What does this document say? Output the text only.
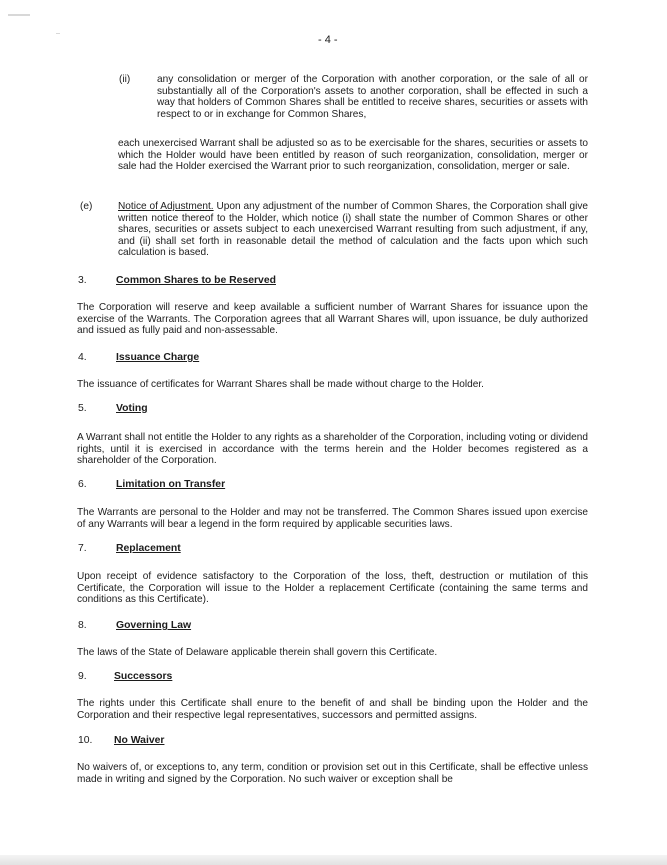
- 4 -
(ii)	any consolidation or merger of the Corporation with another corporation, or the sale of all or substantially all of the Corporation's assets to another corporation, shall be effected in such a way that holders of Common Shares shall be entitled to receive shares, securities or assets with respect to or in exchange for Common Shares,
each unexercised Warrant shall be adjusted so as to be exercisable for the shares, securities or assets to which the Holder would have been entitled by reason of such reorganization, consolidation, merger or sale had the Holder exercised the Warrant prior to such reorganization, consolidation, merger or sale.
(e)	Notice of Adjustment. Upon any adjustment of the number of Common Shares, the Corporation shall give written notice thereof to the Holder, which notice (i) shall state the number of Common Shares or other shares, securities or assets subject to each unexercised Warrant resulting from such adjustment, if any, and (ii) shall set forth in reasonable detail the method of calculation and the facts upon which such calculation is based.
3.	Common Shares to be Reserved
The Corporation will reserve and keep available a sufficient number of Warrant Shares for issuance upon the exercise of the Warrants. The Corporation agrees that all Warrant Shares will, upon issuance, be duly authorized and issued as fully paid and non-assessable.
4.	Issuance Charge
The issuance of certificates for Warrant Shares shall be made without charge to the Holder.
5.	Voting
A Warrant shall not entitle the Holder to any rights as a shareholder of the Corporation, including voting or dividend rights, until it is exercised in accordance with the terms herein and the Holder becomes registered as a shareholder of the Corporation.
6.	Limitation on Transfer
The Warrants are personal to the Holder and may not be transferred. The Common Shares issued upon exercise of any Warrants will bear a legend in the form required by applicable securities laws.
7.	Replacement
Upon receipt of evidence satisfactory to the Corporation of the loss, theft, destruction or mutilation of this Certificate, the Corporation will issue to the Holder a replacement Certificate (containing the same terms and conditions as this Certificate).
8.	Governing Law
The laws of the State of Delaware applicable therein shall govern this Certificate.
9.	Successors
The rights under this Certificate shall enure to the benefit of and shall be binding upon the Holder and the Corporation and their respective legal representatives, successors and permitted assigns.
10. No Waiver
No waivers of, or exceptions to, any term, condition or provision set out in this Certificate, shall be effective unless made in writing and signed by the Corporation. No such waiver or exception shall be
